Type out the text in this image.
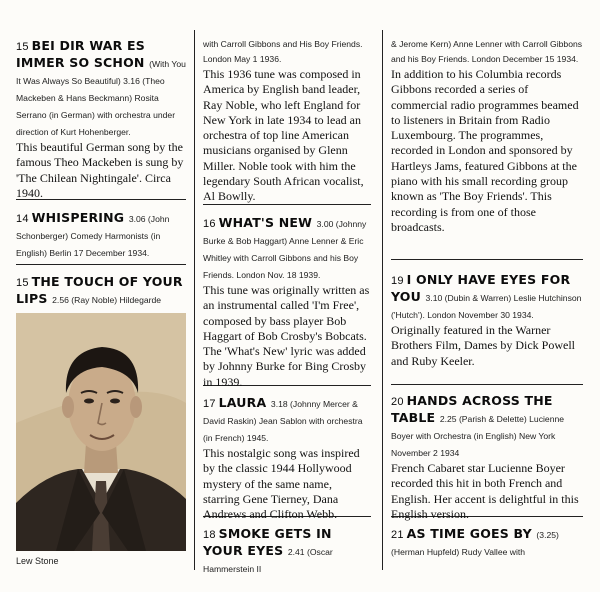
15 BEI DIR WAR ES IMMER SO SCHON (With You It Was Always So Beautiful) 3.16 (Theo Mackeben & Hans Beckmann) Rosita Serrano (in German) with orchestra under direction of Kurt Hohenberger.
This beautiful German song by the famous Theo Mackeben is sung by 'The Chilean Nightingale'. Circa 1940.
14 WHISPERING 3.06 (John Schonberger) Comedy Harmonists (in English) Berlin 17 December 1934.
15 THE TOUCH OF YOUR LIPS 2.56 (Ray Noble) Hildegarde
Lew Stone
with Carroll Gibbons and His Boy Friends. London May 1 1936.
This 1936 tune was composed in America by English band leader, Ray Noble, who left England for New York in late 1934 to lead an orchestra of top line American musicians organised by Glenn Miller. Noble took with him the legendary South African vocalist, Al Bowlly.
16 WHAT'S NEW 3.00 (Johnny Burke & Bob Haggart) Anne Lenner & Eric Whitley with Carroll Gibbons and his Boy Friends. London Nov. 18 1939.
This tune was originally written as an instrumental called 'I'm Free', composed by bass player Bob Haggart of Bob Crosby's Bobcats. The 'What's New' lyric was added by Johnny Burke for Bing Crosby in 1939.
17 LAURA 3.18 (Johnny Mercer & David Raskin) Jean Sablon with orchestra (in French) 1945.
This nostalgic song was inspired by the classic 1944 Hollywood mystery of the same name, starring Gene Tierney, Dana Andrews and Clifton Webb.
18 SMOKE GETS IN YOUR EYES 2.41 (Oscar Hammerstein II
& Jerome Kern) Anne Lenner with Carroll Gibbons and his Boy Friends. London December 15 1934.
In addition to his Columbia records Gibbons recorded a series of commercial radio programmes beamed to listeners in Britain from Radio Luxembourg. The programmes, recorded in London and sponsored by Hartleys Jams, featured Gibbons at the piano with his small recording group known as 'The Boy Friends'. This recording is from one of those broadcasts.
19 I ONLY HAVE EYES FOR YOU 3.10 (Dubin & Warren) Leslie Hutchinson ('Hutch'). London November 30 1934.
Originally featured in the Warner Brothers Film, Dames by Dick Powell and Ruby Keeler.
20 HANDS ACROSS THE TABLE 2.25 (Parish & Delette) Lucienne Boyer with Orchestra (in English) New York November 2 1934
French Cabaret star Lucienne Boyer recorded this hit in both French and English. Her accent is delightful in this English version.
21 AS TIME GOES BY (3.25) (Herman Hupfeld) Rudy Vallee with
